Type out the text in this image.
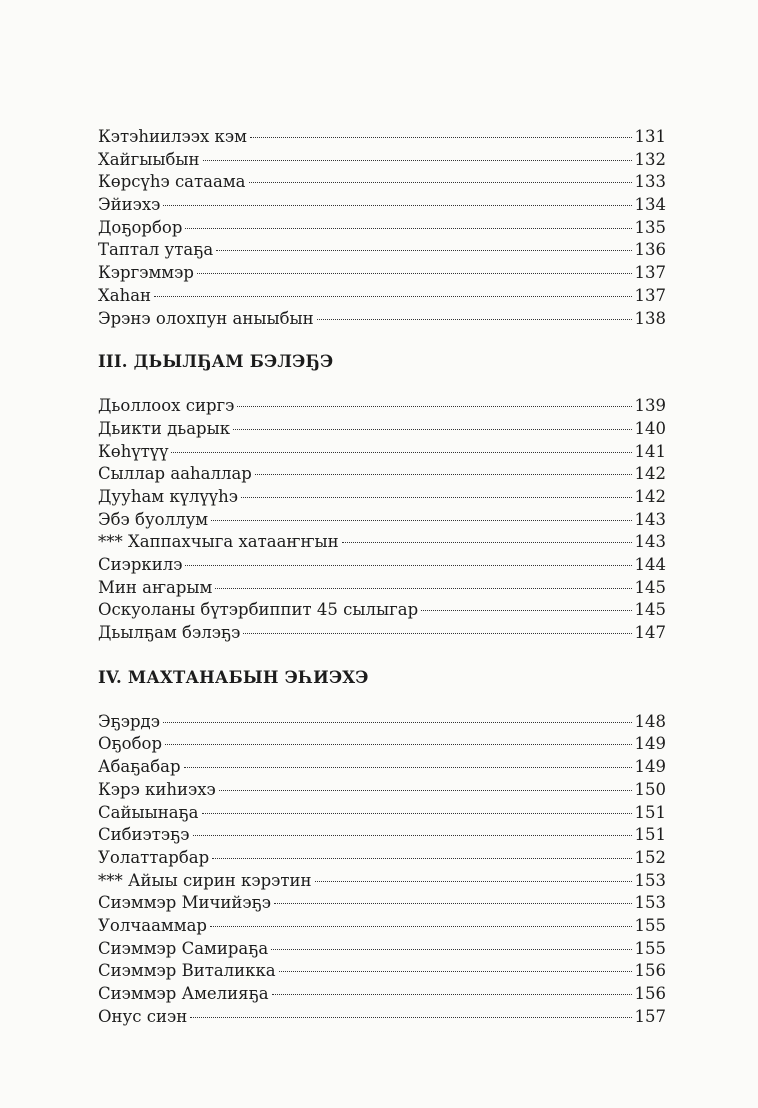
Кэтэһиилээх кэм	131
Хайгыыбын	132
Көрсүһэ сатаама	133
Эйиэхэ	134
Доҕорбор	135
Таптал утаҕа	136
Кэргэммэр	137
Хаһан	137
Эрэнэ олохпун аныыбын	138
III. ДЬЫЛҔАМ БЭЛЭҔЭ
Дьоллоох сиргэ	139
Дьикти дьарык	140
Көһүтүү	141
Сыллар ааһаллар	142
Дууһам күлүүһэ	142
Эбэ буоллум	143
*** Хаппахчыга хатааҥҥын	143
Сиэркилэ	144
Мин аҥарым	145
Оскуоланы бүтэрбиппит 45 сылыгар	145
Дьылҕам бэлэҕэ	147
IV. МАХТАНАБЫН ЭҺИЭХЭ
Эҕэрдэ	148
Оҕобор	149
Абаҕабар	149
Кэрэ киһиэхэ	150
Сайыынаҕа	151
Сибиэтэҕэ	151
Уолаттарбар	152
*** Айыы сирин кэрэтин	153
Сиэммэр Мичийэҕэ	153
Уолчааммар	155
Сиэммэр Самираҕа	155
Сиэммэр Виталикка	156
Сиэммэр Амелияҕа	156
Онус сиэн	157
